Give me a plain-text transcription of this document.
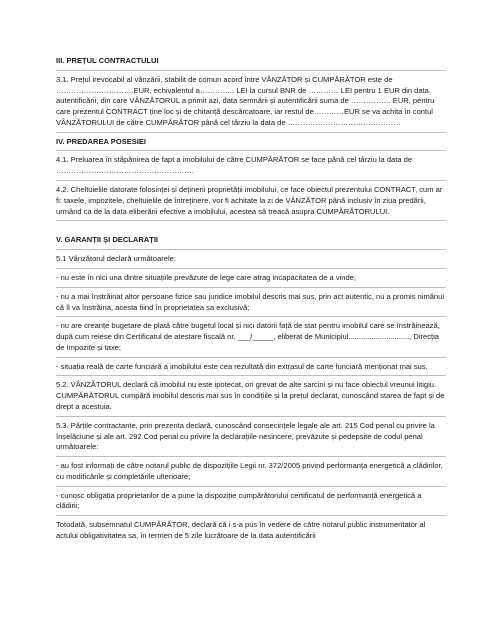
III. PREȚUL CONTRACTULUI
3.1. Prețul irevocabil al vânzării, stabilit de comun acord între VÂNZĂTOR și CUMPĂRĂTOR este de ………………………….EUR, echivalentul a………….. LEI la cursul BNR de ………… LEI pentru 1 EUR din data autentificării, din care VÂNZĂTORUL a primit azi, data semnării și autentificării suma de ……………. EUR, pentru care prezentul CONTRACT ține loc și de chitanță descărcatoare, iar restul de…………EUR se va achita în contul VÂNZĂTORULUI de către CUMPĂRĂTOR până cel târziu la data de ………………………………………
IV. PREDAREA POSESIEI
4.1. Preluarea în stăpânirea de fapt a imobilului de către CUMPĂRĂTOR se face până cel târziu la data de ……………………………………………….
4.2. Cheltuielile datorate folosinței și deținerii proprietății imobilului, ce face obiectul prezentului CONTRACT, cum ar fi: taxele, impozitele, cheltuielile de întreținere, vor fi achitate la zi de VÂNZĂTOR până inclusiv în ziua predării, urmând ca de la data eliberării efective a imobilului, acestea să treacă asupra CUMPĂRĂTORULUI.
V. GARANȚII ȘI DECLARAȚII
5.1 Vânzătorul declară următoarele:
- nu este în nici una dintre situațiile prevăzute de lege care atrag incapacitatea de a vinde;
- nu a mai înstrăinat altor persoane fizice sau juridice imobilul descris mai sus, prin act autentic, nu a promis nimănui că îl va înstrăina, acesta fiind în proprietatea sa exclusivă;
- nu are creanțe bugetare de plată către bugetul local și nici datorii față de stat pentru imobilul care se înstrăinează, după cum reiese din Certificatul de atestare fiscală nr. ___/_____, eliberat de Municipiul............................., Direcția de Impozite și taxe;
- situația reală de carte funciară a imobilului este cea rezultată din extrasul de carte funciară menționat mai sus.
5.2. VÂNZĂTORUL declară că imobilul nu este ipotecat, ori grevat de alte sarcini și nu face obiectul vreunui litigiu. CUMPĂRĂTORUL cumpără imobilul descris mai sus în condițiile și la prețul declarat, cunoscând starea de fapt și de drept a acestuia.
5.3. Părțile contractante, prin prezenta declară, cunoscând consecințele legale ale art. 215 Cod penal cu privire la înșelăciune și ale art. 292 Cod penal cu privire la declarațiile nesincere, prevăzute și pedepsite de codul penal următoarele:
- au fost informați de către notarul public de dispozițiile Legii nr. 372/2005 privind performanța energetică a clădirilor, cu modificările și completările ulterioare;
- cunosc obligația proprietarilor de a pune la dispoziție cumpărătorului certificatul de performanță energetică a clădirii;
Totodată, subsemnatul CUMPĂRĂTOR, declară că i s-a pus în vedere de către notarul public instrumentator al actului obligativitatea sa, în termen de 5 zile lucrătoare de la data autentificării
